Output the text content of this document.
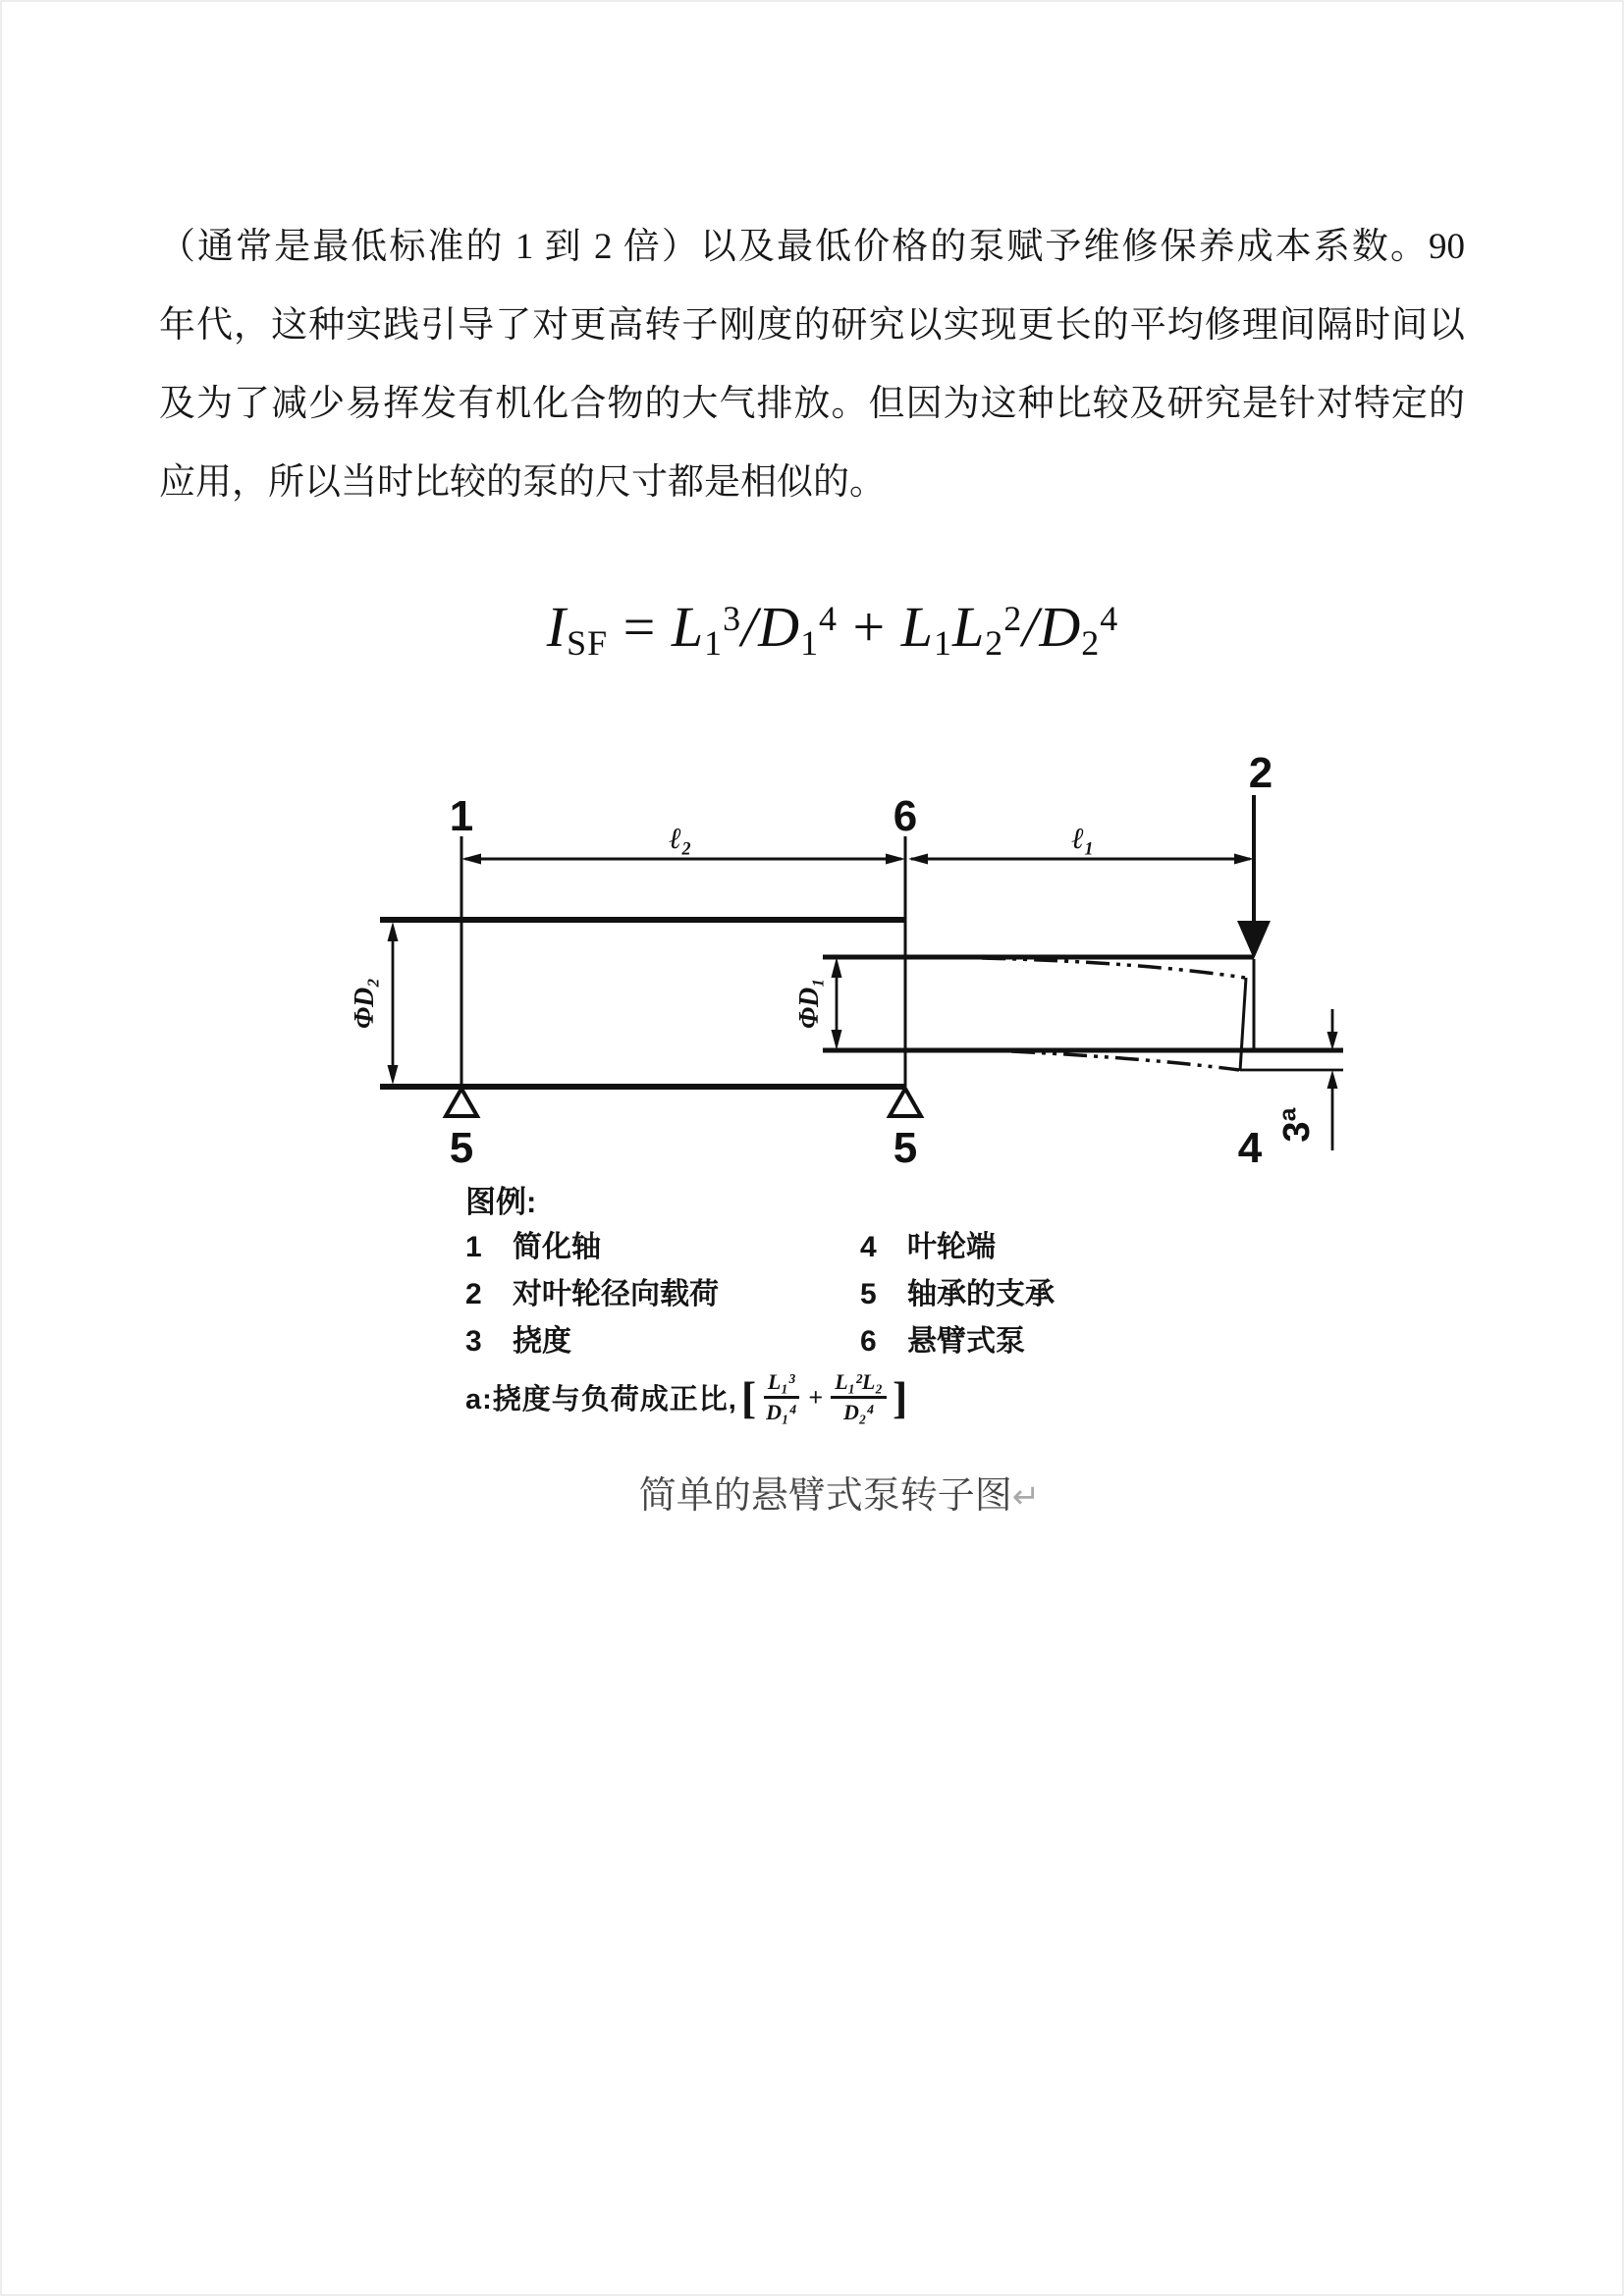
（通常是最低标准的 1 到 2 倍）以及最低价格的泵赋予维修保养成本系数。90
年代，这种实践引导了对更高转子刚度的研究以实现更长的平均修理间隔时间以
及为了减少易挥发有机化合物的大气排放。但因为这种比较及研究是针对特定的
应用，所以当时比较的泵的尺寸都是相似的。
ISF = $L1^3/D1^4 + L1L2^2/D2^4$
1	6
2
5	5	4
ℓ₂	ℓ₁
ΦD₂	ΦD₁
3ª
图例:
1 简化轴	4 叶轮端
2 对叶轮径向载荷	5 轴承的支承
3 挠度	6 悬臂式泵
a:挠度与负荷成正比, [ $\frac{\text{L₁³}}{\text{D₁⁴}} + \frac{\text{L₁²L₂}}{\text{D₂⁴}}$ ]
简单的悬臂式泵转子图↵
